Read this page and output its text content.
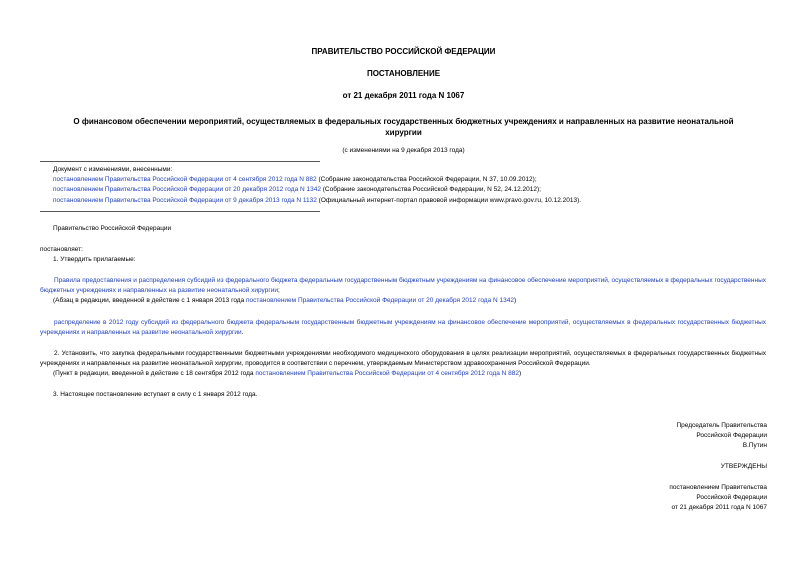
ПРАВИТЕЛЬСТВО РОССИЙСКОЙ ФЕДЕРАЦИИ
ПОСТАНОВЛЕНИЕ
от 21 декабря 2011 года N 1067
О финансовом обеспечении мероприятий, осуществляемых в федеральных государственных бюджетных учреждениях и направленных на развитие неонатальной хирургии
(с изменениями на 9 декабря 2013 года)
Документ с изменениями, внесенными:
постановлением Правительства Российской Федерации от 4 сентября 2012 года N 882 (Собрание законодательства Российской Федерации, N 37, 10.09.2012);
постановлением Правительства Российской Федерации от 20 декабря 2012 года N 1342 (Собрание законодательства Российской Федерации, N 52, 24.12.2012);
постановлением Правительства Российской Федерации от 9 декабря 2013 года N 1132 (Официальный интернет-портал правовой информации www.pravo.gov.ru, 10.12.2013).
Правительство Российской Федерации
постановляет:
1. Утвердить прилагаемые:
Правила предоставления и распределения субсидий из федерального бюджета федеральным государственным бюджетным учреждениям на финансовое обеспечение мероприятий, осуществляемых в федеральных государственных бюджетных учреждениях и направленных на развитие неонатальной хирургии;
(Абзац в редакции, введенной в действие с 1 января 2013 года постановлением Правительства Российской Федерации от 20 декабря 2012 года N 1342)
распределение в 2012 году субсидий из федерального бюджета федеральным государственным бюджетным учреждениям на финансовое обеспечение мероприятий, осуществляемых в федеральных государственных бюджетных учреждениях и направленных на развитие неонатальной хирургии.
2. Установить, что закупка федеральными государственными бюджетными учреждениями необходимого медицинского оборудования в целях реализации мероприятий, осуществляемых в федеральных государственных бюджетных учреждениях и направленных на развитие неонатальной хирургии, проводится в соответствии с перечнем, утверждаемым Министерством здравоохранения Российской Федерации.
(Пункт в редакции, введенной в действие с 18 сентября 2012 года постановлением Правительства Российской Федерации от 4 сентября 2012 года N 882)
3. Настоящее постановление вступает в силу с 1 января 2012 года.
Председатель Правительства
Российской Федерации
В.Путин
УТВЕРЖДЕНЫ
постановлением Правительства
Российской Федерации
от 21 декабря 2011 года N 1067
